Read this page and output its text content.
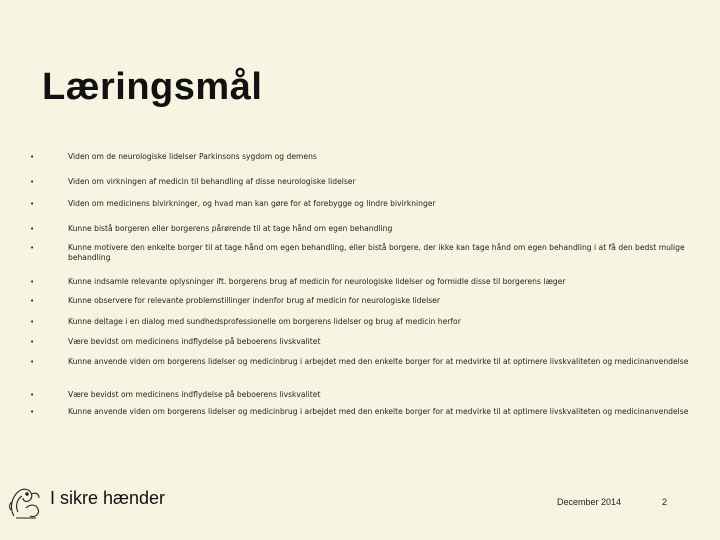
Læringsmål
•	Viden om de neurologiske lidelser Parkinsons sygdom og demens
•	Viden om virkningen af medicin til behandling af disse neurologiske lidelser
•	Viden om medicinens bivirkninger, og hvad man kan gøre for at forebygge og lindre bivirkninger
•	Kunne bistå borgeren eller borgerens pårørende til at tage hånd om egen behandling
•	Kunne motivere den enkelte borger til at tage hånd om egen behandling, eller bistå borgere, der ikke kan tage hånd om egen behandling i at få den bedst mulige behandling
•	Kunne indsamle relevante oplysninger ift. borgerens brug af medicin for neurologiske lidelser og formidle disse til borgerens læger
•	Kunne observere for relevante problemstillinger indenfor brug af medicin for neurologiske lidelser
•	Kunne deltage i en dialog med sundhedsprofessionelle om borgerens lidelser og brug af medicin herfor
•	Være bevidst om medicinens indflydelse på beboerens livskvalitet
•	Kunne anvende viden om borgerens lidelser og medicinbrug i arbejdet med den enkelte borger for at medvirke til at optimere livskvaliteten og medicinanvendelse
•	Være bevidst om medicinens indflydelse på beboerens livskvalitet
•	Kunne anvende viden om borgerens lidelser og medicinbrug i arbejdet med den enkelte borger for at medvirke til at optimere livskvaliteten og medicinanvendelse
I sikre hænder	December 2014	2
